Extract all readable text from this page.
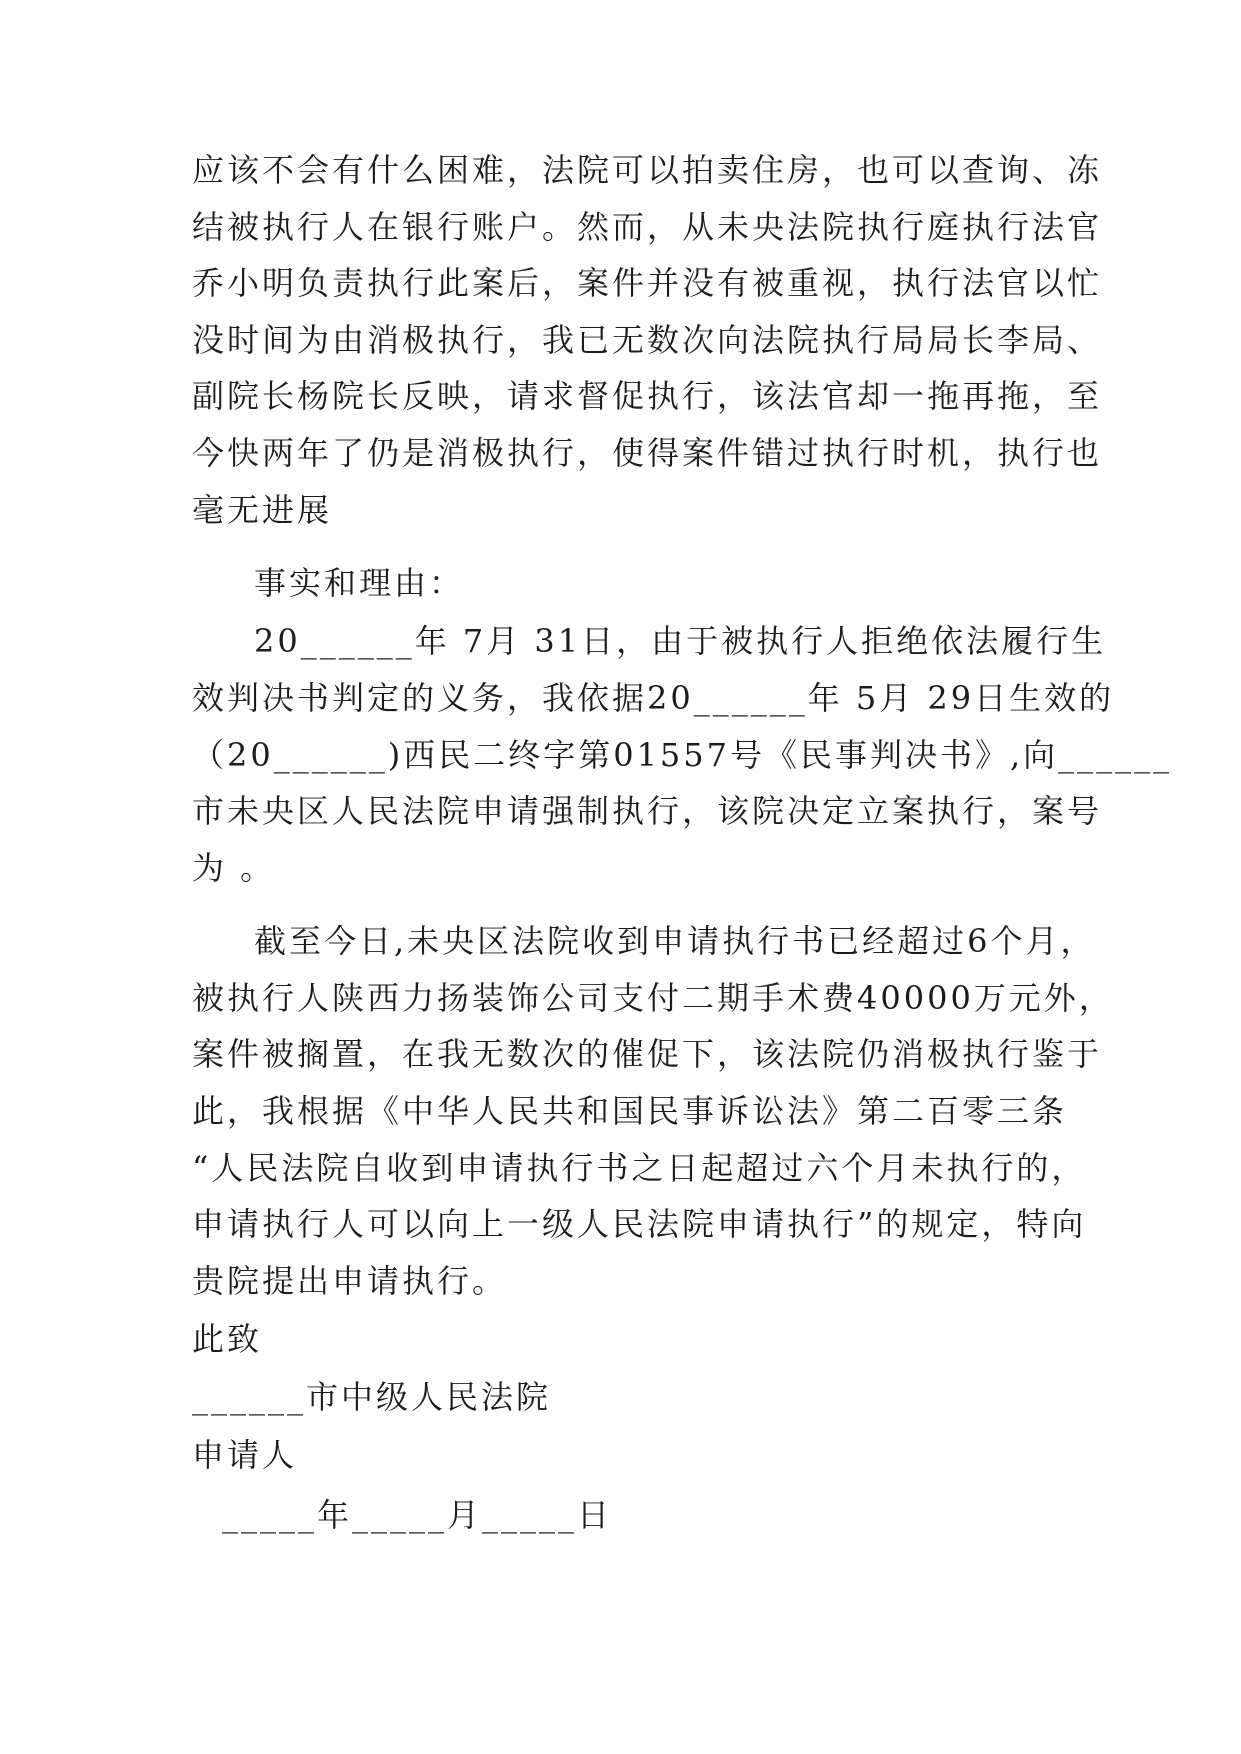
应该不会有什么困难，法院可以拍卖住房，也可以查询、冻
结被执行人在银行账户。然而，从未央法院执行庭执行法官
乔小明负责执行此案后，案件并没有被重视，执行法官以忙
没时间为由消极执行，我已无数次向法院执行局局长李局、
副院长杨院长反映，请求督促执行，该法官却一拖再拖，至
今快两年了仍是消极执行，使得案件错过执行时机，执行也
毫无进展
事实和理由：
20______年 7月 31日，由于被执行人拒绝依法履行生
效判决书判定的义务，我依据20______年 5月 29日生效的
（20______)西民二终字第01557号《民事判决书》,向______
市未央区人民法院申请强制执行，该院决定立案执行，案号
为 。
截至今日,未央区法院收到申请执行书已经超过6个月，
被执行人陕西力扬装饰公司支付二期手术费40000万元外，
案件被搁置，在我无数次的催促下，该法院仍消极执行鉴于
此，我根据《中华人民共和国民事诉讼法》第二百零三条
“人民法院自收到申请执行书之日起超过六个月未执行的，
申请执行人可以向上一级人民法院申请执行”的规定，特向
贵院提出申请执行。
此致
______市中级人民法院
申请人
_____年_____月_____日
